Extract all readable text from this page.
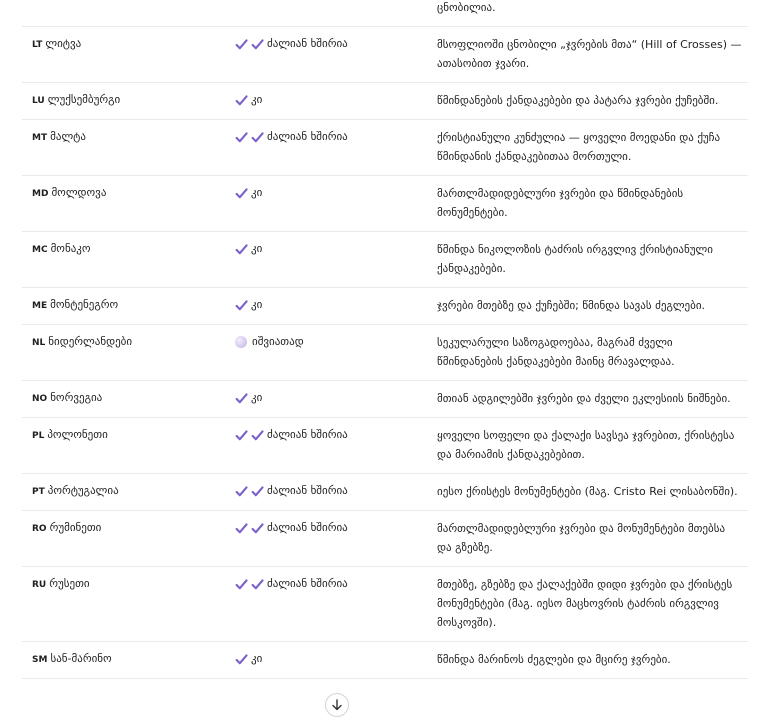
ცნობილია.
LT ლიტვა	ძალიან ხშირია	მსოფლიოში ცნობილი „ჯვრების მთა“ (Hill of Crosses) — ათასობით ჯვარი.
LU ლუქსემბურგი	კი	წმინდანების ქანდაკებები და პატარა ჯვრები ქუჩებში.
MT მალტა	ძალიან ხშირია	ქრისტიანული კუნძულია — ყოველი მოედანი და ქუჩა წმინდანის ქანდაკებითაა მორთული.
MD მოლდოვა	კი	მართლმადიდებლური ჯვრები და წმინდანების მონუმენტები.
MC მონაკო	კი	წმინდა ნიკოლოზის ტაძრის ირგვლივ ქრისტიანული ქანდაკებები.
ME მონტენეგრო	კი	ჯვრები მთებზე და ქუჩებში; წმინდა სავას ძეგლები.
NL ნიდერლანდები	იშვიათად	სეკულარული საზოგადოებაა, მაგრამ ძველი წმინდანების ქანდაკებები მაინც მრავალდაა.
NO ნორვეგია	კი	მთიან ადგილებში ჯვრები და ძველი ეკლესიის ნიშნები.
PL პოლონეთი	ძალიან ხშირია	ყოველი სოფელი და ქალაქი სავსეა ჯვრებით, ქრისტესა და მარიამის ქანდაკებებით.
PT პორტუგალია	ძალიან ხშირია	იესო ქრისტეს მონუმენტები (მაგ. Cristo Rei ლისაბონში).
RO რუმინეთი	ძალიან ხშირია	მართლმადიდებლური ჯვრები და მონუმენტები მთებსა და გზებზე.
RU რუსეთი	ძალიან ხშირია	მთებზე, გზებზე და ქალაქებში დიდი ჯვრები და ქრისტეს მონუმენტები (მაგ. იესო მაცხოვრის ტაძრის ირგვლივ მოსკოვში).
SM სან-მარინო	კი	წმინდა მარინოს ძეგლები და მცირე ჯვრები.
